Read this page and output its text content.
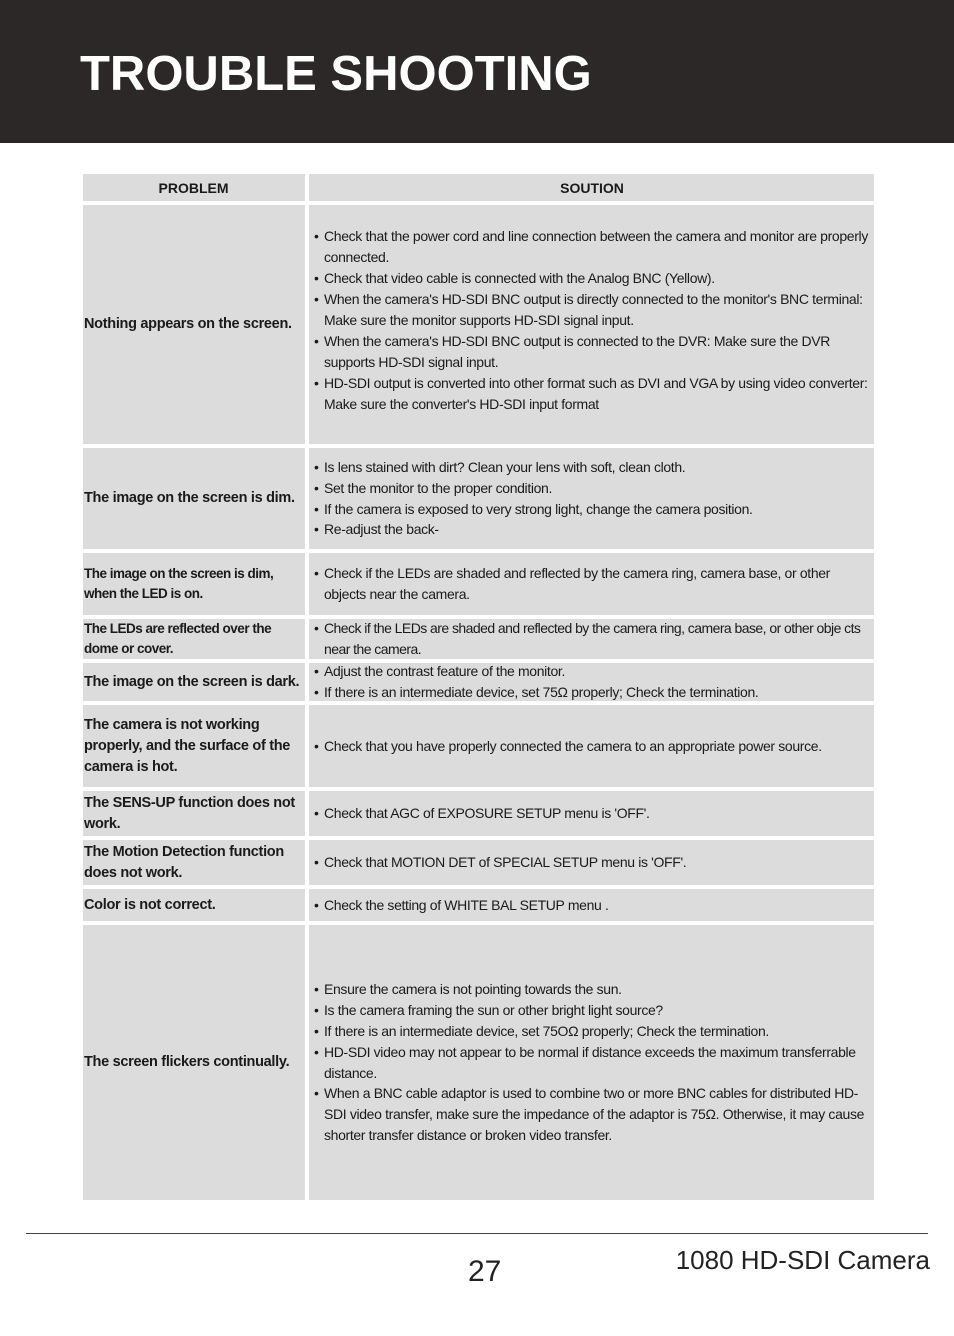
TROUBLE SHOOTING
PROBLEM	SOUTION
Nothing appears on the screen.
• Check that the power cord and line connection between the camera and monitor are properly connected.
• Check that video cable is connected with the Analog BNC (Yellow).
• When the camera's HD-SDI BNC output is directly connected to the monitor's BNC terminal: Make sure the monitor supports HD-SDI signal input.
• When the camera's HD-SDI BNC output is connected to the DVR: Make sure the DVR supports HD-SDI signal input.
• HD-SDI output is converted into other format such as DVI and VGA by using video converter: Make sure the converter's HD-SDI input format
The image on the screen is dim.
• Is lens stained with dirt? Clean your lens with soft, clean cloth.
• Set the monitor to the proper condition.
• If the camera is exposed to very strong light, change the camera position.
• Re-adjust the back-
The image on the screen is dim, when the LED is on.
• Check if the LEDs are shaded and reflected by the camera ring, camera base, or other objects near the camera.
The LEDs are reflected over the dome or cover.
• Check if the LEDs are shaded and reflected by the camera ring, camera base, or other obje cts near the camera.
The image on the screen is dark.
• Adjust the contrast feature of the monitor.
• If there is an intermediate device, set 75Ω properly; Check the termination.
The camera is not working properly, and the surface of the camera is hot.
• Check that you have properly connected the camera to an appropriate power source.
The SENS-UP function does not work.
• Check that AGC of EXPOSURE SETUP menu is 'OFF'.
The Motion Detection function does not work.
• Check that MOTION DET of SPECIAL SETUP menu is 'OFF'.
Color is not correct.
•	Check the setting of WHITE BAL SETUP menu .
The screen flickers continually.
• Ensure the camera is not pointing towards the sun.
• Is the camera framing the sun or other bright light source?
• If there is an intermediate device, set 75OΩ properly; Check the termination.
• HD-SDI video may not appear to be normal if distance exceeds the maximum transferrable distance.
• When a BNC cable adaptor is used to combine two or more BNC cables for distributed HD-SDI video transfer, make sure the impedance of the adaptor is 75Ω. Otherwise, it may cause shorter transfer distance or broken video transfer.
27	1080 HD-SDI Camera
